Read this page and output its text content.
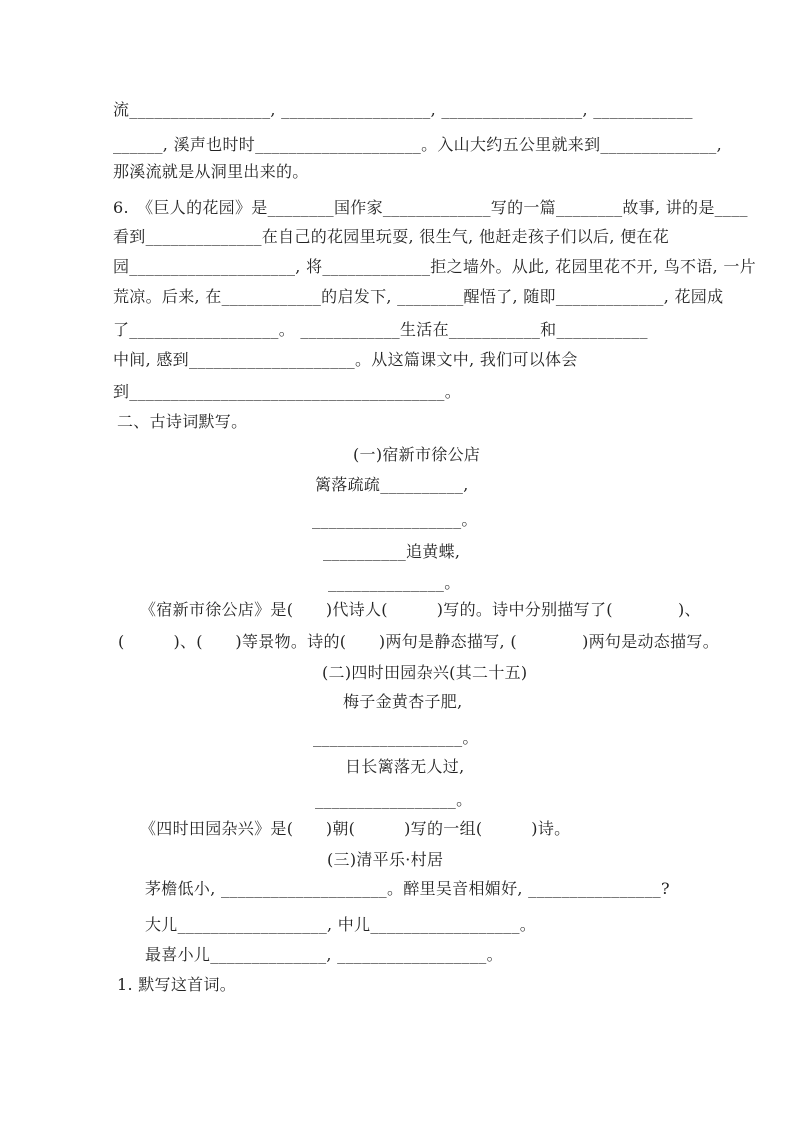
流_________________, __________________, _________________, ____________
______, 溪声也时时____________________。入山大约五公里就来到______________,
那溪流就是从洞里出来的。
6.　《巨人的花园》是________国作家_____________写的一篇________故事, 讲的是____
看到______________在自己的花园里玩耍, 很生气, 他赶走孩子们以后, 便在花
园____________________, 将_____________拒之墙外。从此, 花园里花不开, 鸟不语, 一片
荒凉。后来, 在____________的启发下, ________醒悟了, 随即_____________, 花园成
了__________________。 ____________生活在___________和___________
中间, 感到____________________。从这篇课文中, 我们可以体会
到______________________________________。
二、古诗词默写。
(一)宿新市徐公店
篱落疏疏__________,
__________________。
__________追黄蝶,
______________。
《宿新市徐公店》是(　　)代诗人(　　　)写的。诗中分别描写了(　　　　)、
(　　　)、(　　)等景物。诗的(　　)两句是静态描写, (　　　　)两句是动态描写。
(二)四时田园杂兴(其二十五)
梅子金黄杏子肥,
__________________。
日长篱落无人过,
_________________。
《四时田园杂兴》是(　　)朝(　　　)写的一组(　　　)诗。
(三)清平乐·村居
茅檐低小, ____________________。醉里吴音相媚好, ________________?
大儿__________________, 中儿__________________。
最喜小儿______________, __________________。
1. 默写这首词。
